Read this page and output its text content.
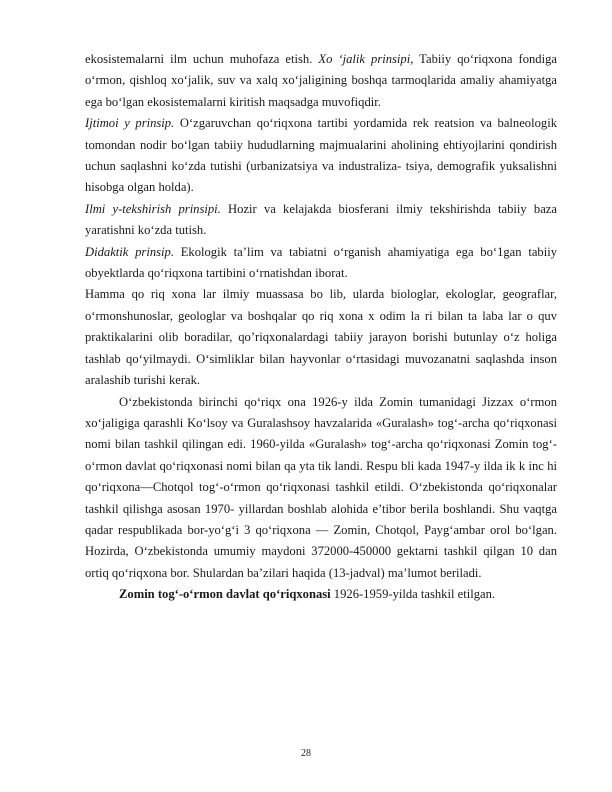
ekosistemalarni ilm uchun muhofaza etish. Xo ‘jalik prinsipi, Tabiiy qo‘riqxona fondiga o‘rmon, qishloq xo‘jalik, suv va xalq xo‘jaligining boshqa tarmoqlarida amaliy ahamiyatga ega bo‘lgan ekosistemalarni kiritish maqsadga muvofiqdir.

Ijtimoi y prinsip. O‘zgaruvchan qo‘riqxona tartibi yordamida rek reatsion va balneologik tomondan nodir bo‘lgan tabiiy hududlarning majmualarini aholining ehtiyojlarini qondirish uchun saqlashni ko‘zda tutishi (urbanizatsiya va industraliza- tsiya, demografik yuksalishni hisobga olgan holda).

Ilmi y-tekshirish prinsipi. Hozir va kelajakda biosferani ilmiy tekshirishda tabiiy baza yaratishni ko‘zda tutish.

Didaktik prinsip. Ekologik ta’lim va tabiatni o‘rganish ahamiyatiga ega bo‘1gan tabiiy obyektlarda qo‘riqxona tartibini o‘rnatishdan iborat.

Hamma qo riq xona lar ilmiy muassasa bo lib, ularda biologlar, ekologlar, geograflar, o‘rmonshunoslar, geologlar va boshqalar qo riq xona x odim la ri bilan ta laba lar o quv praktikalarini olib boradilar, qo’riqxonalardagi tabiiy jarayon borishi butunlay o‘z holiga tashlab qo‘yilmaydi. O‘simliklar bilan hayvonlar o‘rtasidagi muvozanatni saqlashda inson aralashib turishi kerak.

O‘zbekistonda birinchi qo‘riqx ona 1926-y ilda Zomin tumanidagi Jizzax o‘rmon xo‘jaligiga qarashli Ko‘lsoy va Guralashsoy havzalarida «Guralash» tog‘-archa qo‘riqxonasi nomi bilan tashkil qilingan edi. 1960-yilda «Guralash» tog‘-archa qo‘riqxonasi Zomin tog‘-o‘rmon davlat qo‘riqxonasi nomi bilan qa yta tik landi. Respu bli kada 1947-y ilda ik k inc hi qo‘riqxona—Chotqol tog‘-o‘rmon qo‘riqxonasi tashkil etildi. O‘zbekistonda qo‘riqxonalar tashkil qilishga asosan 1970- yillardan boshlab alohida e’tibor berila boshlandi. Shu vaqtga qadar respublikada bor-yo‘g‘i 3 qo‘riqxona — Zomin, Chotqol, Payg‘ambar orol bo‘lgan. Hozirda, O‘zbekistonda umumiy maydoni 372000-450000 gektarni tashkil qilgan 10 dan ortiq qo‘riqxona bor. Shulardan ba’zilari haqida (13-jadval) ma’lumot beriladi.

Zomin tog‘-o‘rmon davlat qo‘riqxonasi 1926-1959-yilda tashkil etilgan.

28
